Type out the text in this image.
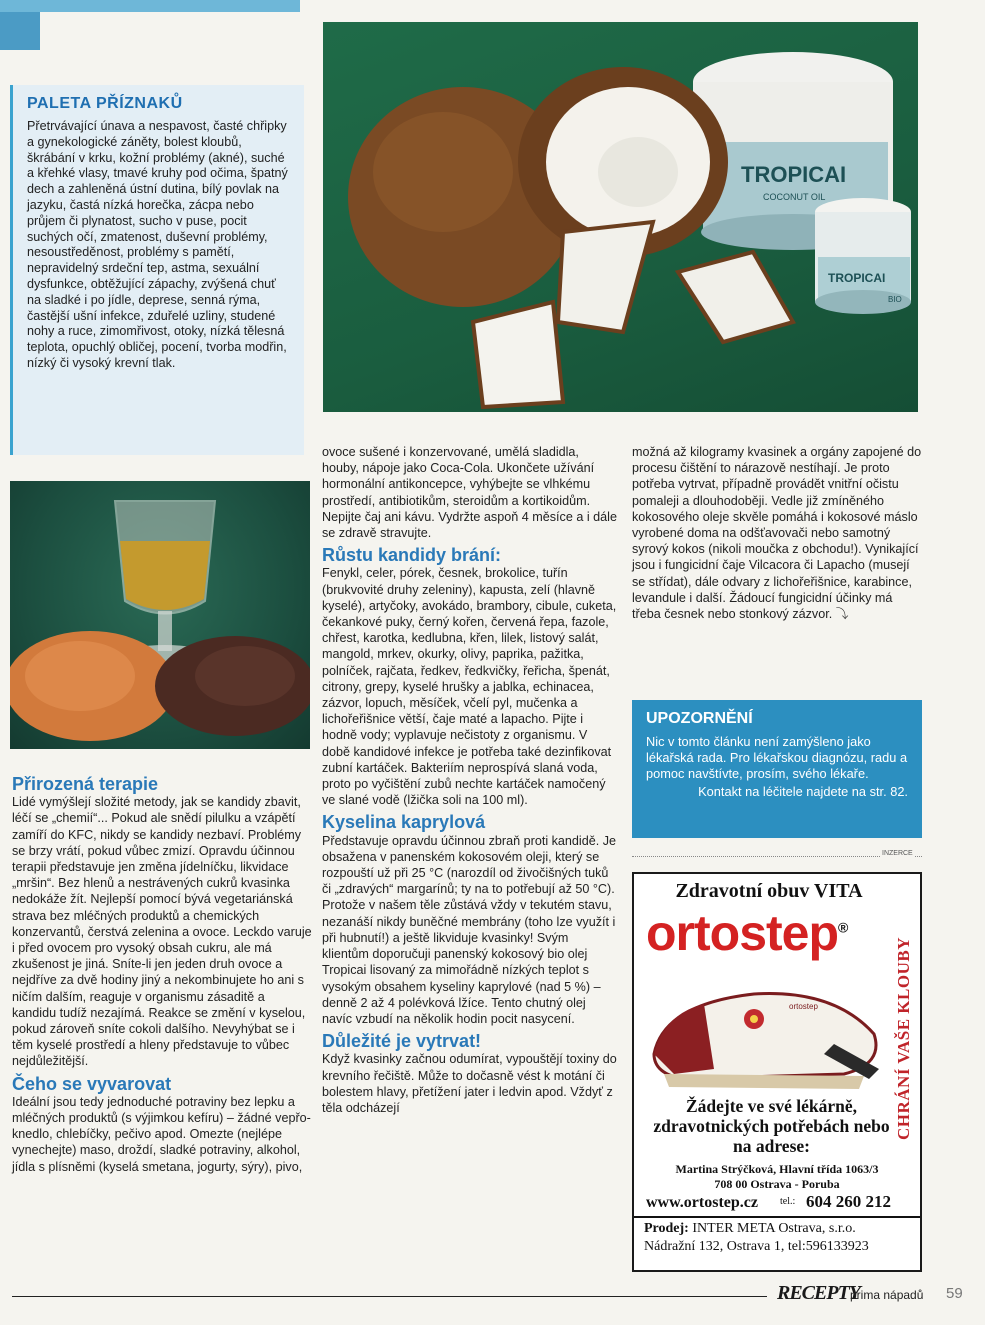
PALETA PŘÍZNAKŮ

Přetrvávající únava a nespavost, časté chřipky a gynekologické záněty, bolest kloubů, škrábání v krku, kožní problémy (akné), suché a křehké vlasy, tmavé kruhy pod očima, špatný dech a zahleněná ústní dutina, bílý povlak na jazyku, častá nízká horečka, zácpa nebo průjem či plynatost, sucho v puse, pocit suchých očí, zmatenost, duševní problémy, nesoustředěnost, problémy s pamětí, nepravidelný srdeční tep, astma, sexuální dysfunkce, obtěžující zápachy, zvýšená chuť na sladké i po jídle, deprese, senná rýma, častější ušní infekce, zduřelé uzliny, studené nohy a ruce, zimomřivost, otoky, nízká tělesná teplota, opuchlý obličej, pocení, tvorba modřin, nízký či vysoký krevní tlak.

TROPICAI
COCONUT OIL
TROPICAI
BIO
Přirozená terapie

Lidé vymýšlejí složité metody, jak se kandidy zbavit, léčí se „chemií“... Pokud ale snědí pilulku a vzápětí zamíří do KFC, nikdy se kandidy nezbaví. Problémy se brzy vrátí, pokud vůbec zmizí. Opravdu účinnou terapii představuje jen změna jídelníčku, likvidace „mršin“. Bez hlenů a nestrávených cukrů kvasinka nedokáže žít. Nejlepší pomocí bývá vegetariánská strava bez mléčných produktů a chemických konzervantů, čerstvá zelenina a ovoce. Leckdo varuje i před ovocem pro vysoký obsah cukru, ale má zkušenost je jiná. Sníte-li jen jeden druh ovoce a nejdříve za dvě hodiny jiný a nekombinujete ho ani s ničím dalším, reaguje v organismu zásaditě a kandidu tudíž nezajímá. Reakce se změní v kyselou, pokud zároveň sníte cokoli dalšího. Nevyhýbat se i těm kyselé prostředí a hleny představuje to vůbec nejdůležitější.

Čeho se vyvarovat

Ideální jsou tedy jednoduché potraviny bez lepku a mléčných produktů (s výjimkou kefíru) – žádné vepřo-knedlo, chlebíčky, pečivo apod. Omezte (nejlépe vynechejte) maso, droždí, sladké potraviny, alkohol, jídla s plísněmi (kyselá smetana, jogurty, sýry), pivo,

ovoce sušené i konzervované, umělá sladidla, houby, nápoje jako Coca-Cola. Ukončete užívání hormonální antikoncepce, vyhýbejte se vlhkému prostředí, antibiotikům, steroidům a kortikoidům. Nepijte čaj ani kávu. Vydržte aspoň 4 měsíce a i dále se zdravě stravujte.

Růstu kandidy brání:

Fenykl, celer, pórek, česnek, brokolice, tuřín (brukvovité druhy zeleniny), kapusta, zelí (hlavně kyselé), artyčoky, avokádo, brambory, cibule, cuketa, čekankové puky, černý kořen, červená řepa, fazole, chřest, karotka, kedlubna, křen, lilek, listový salát, mangold, mrkev, okurky, olivy, paprika, pažitka, polníček, rajčata, ředkev, ředkvičky, řeřicha, špenát, citrony, grepy, kyselé hrušky a jablka, echinacea, zázvor, lopuch, měsíček, včelí pyl, mučenka a lichořeřišnice větší, čaje maté a lapacho. Pijte i hodně vody; vyplavuje nečistoty z organismu. V době kandidové infekce je potřeba také dezinfikovat zubní kartáček. Bakteriím neprospívá slaná voda, proto po vyčištění zubů nechte kartáček namočený ve slané vodě (lžička soli na 100 ml).

Kyselina kaprylová

Představuje opravdu účinnou zbraň proti kandidě. Je obsažena v panenském kokosovém oleji, který se rozpouští už při 25 °C (narozdíl od živočišných tuků či „zdravých“ margarínů; ty na to potřebují až 50 °C). Protože v našem těle zůstává vždy v tekutém stavu, nezanáší nikdy buněčné membrány (toho lze využít i při hubnutí!) a ještě likviduje kvasinky! Svým klientům doporučuji panenský kokosový bio olej Tropicai lisovaný za mimořádně nízkých teplot s vysokým obsahem kyseliny kaprylové (nad 5 %) – denně 2 až 4 polévková lžíce. Tento chutný olej navíc vzbudí na několik hodin pocit nasycení.

Důležité je vytrvat!

Když kvasinky začnou odumírat, vypouštějí toxiny do krevního řečiště. Může to dočasně vést k motání či bolestem hlavy, přetížení jater i ledvin apod. Vždyť z těla odcházejí

možná až kilogramy kvasinek a orgány zapojené do procesu čištění to nárazově nestíhají. Je proto potřeba vytrvat, případně provádět vnitřní očistu pomaleji a dlouhodoběji. Vedle již zmíněného kokosového oleje skvěle pomáhá i kokosové máslo vyrobené doma na odšťavovači nebo samotný syrový kokos (nikoli moučka z obchodu!). Vynikající jsou i fungicidní čaje Vilcacora či Lapacho (musejí se střídat), dále odvary z lichořeřišnice, karabince, levandule i další. Žádoucí fungicidní účinky má třeba česnek nebo stonkový zázvor. ⤵

UPOZORNĚNÍ

Nic v tomto článku není zamýšleno jako lékařská rada. Pro lékařskou diagnózu, radu a pomoc navštívte, prosím, svého lékaře.

Kontakt na léčitele najdete na str. 82.

INZERCE
Zdravotní obuv VITA
ortostep®
CHRÁNÍ VAŠE KLOUBY
ortostep
Žádejte ve své lékárně, zdravotnických potřebách nebo na adrese:
Martina Strýčková, Hlavní třída 1063/3
708 00 Ostrava - Poruba
www.ortostep.cz tel.: 604 260 212
Prodej: INTER META Ostrava, s.r.o.
Nádražní 132, Ostrava 1, tel:596133923
RECEPTY
prima nápadů 59
